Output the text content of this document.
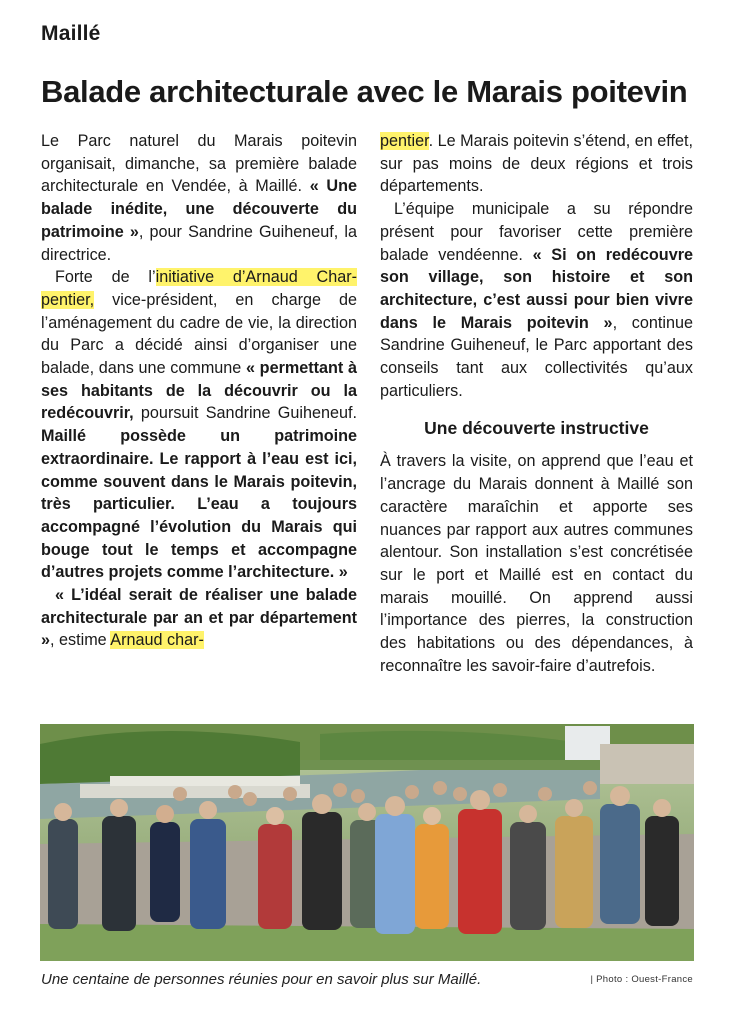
Maillé
Balade architecturale avec le Marais poitevin

Le Parc naturel du Marais poitevin organisait, dimanche, sa première balade architecturale en Vendée, à Maillé. « Une balade inédite, une découverte du patrimoine », pour Sandrine Guiheneuf, la directrice.

Forte de l’initiative d’Arnaud Char- pentier, vice-président, en charge de l’aménagement du cadre de vie, la direction du Parc a décidé ainsi d’organiser une balade, dans une commune « permettant à ses habitants de la découvrir ou la redécouvrir, poursuit Sandrine Guiheneuf. Maillé possède un patrimoine extraordinaire. Le rapport à l’eau est ici, comme souvent dans le Marais poitevin, très particulier. L’eau a toujours accompagné l’évolution du Marais qui bouge tout le temps et accompagne d’autres projets comme l’architecture. »

« L’idéal serait de réaliser une balade architecturale par an et par département », estime Arnaud char-

pentier. Le Marais poitevin s’étend, en effet, sur pas moins de deux régions et trois départements.

L’équipe municipale a su répondre présent pour favoriser cette première balade vendéenne. « Si on redécouvre son village, son histoire et son architecture, c’est aussi pour bien vivre dans le Marais poitevin », continue Sandrine Guiheneuf, le Parc apportant des conseils tant aux collectivités qu’aux particuliers.

Une découverte instructive

À travers la visite, on apprend que l’eau et l’ancrage du Marais donnent à Maillé son caractère maraîchin et apporte ses nuances par rapport aux autres communes alentour. Son installation s’est concrétisée sur le port et Maillé est en contact du marais mouillé. On apprend aussi l’importance des pierres, la construction des habitations ou des dépendances, à reconnaître les savoir-faire d’autrefois.

Une centaine de personnes réunies pour en savoir plus sur Maillé.	| Photo : Ouest-France
